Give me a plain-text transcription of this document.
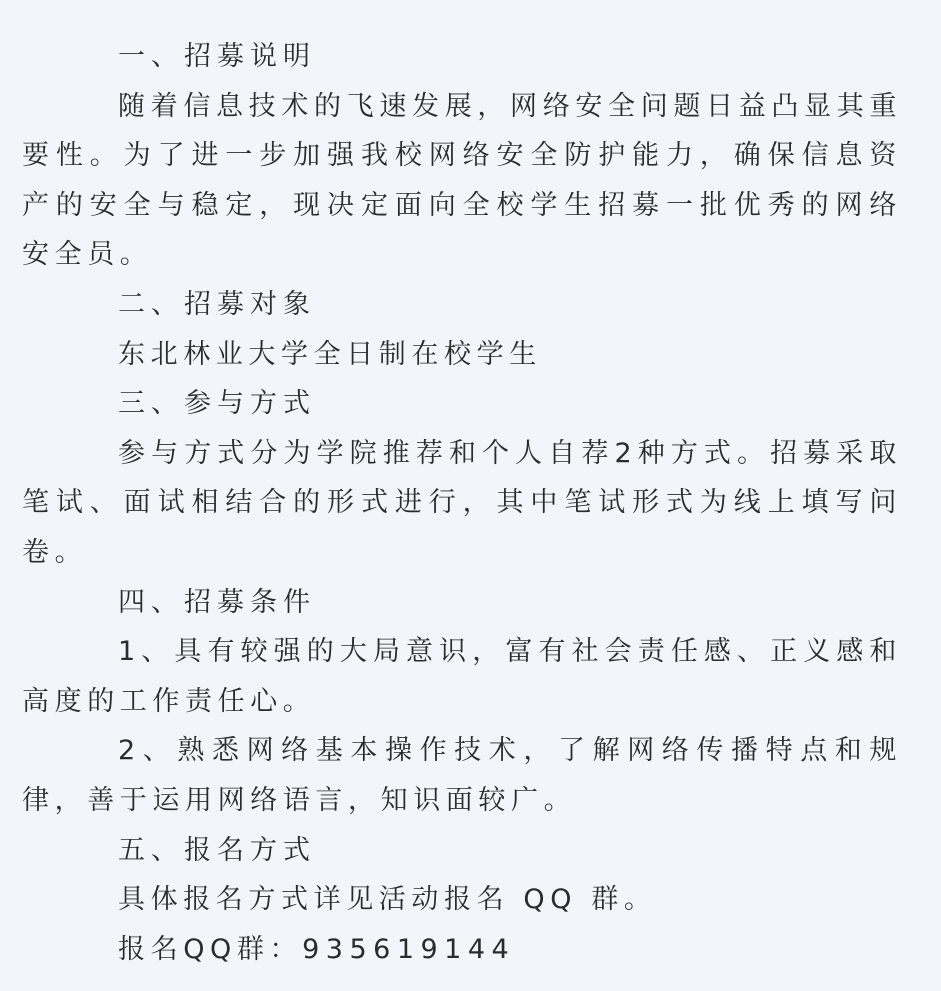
一、招募说明

随着信息技术的飞速发展，网络安全问题日益凸显其重要性。为了进一步加强我校网络安全防护能力，确保信息资产的安全与稳定，现决定面向全校学生招募一批优秀的网络安全员。

二、招募对象

东北林业大学全日制在校学生

三、参与方式

参与方式分为学院推荐和个人自荐2种方式。招募采取笔试、面试相结合的形式进行，其中笔试形式为线上填写问卷。

四、招募条件

1、具有较强的大局意识，富有社会责任感、正义感和高度的工作责任心。

2、熟悉网络基本操作技术，了解网络传播特点和规律，善于运用网络语言，知识面较广。

五、报名方式

具体报名方式详见活动报名 QQ 群。

报名QQ群：935619144
